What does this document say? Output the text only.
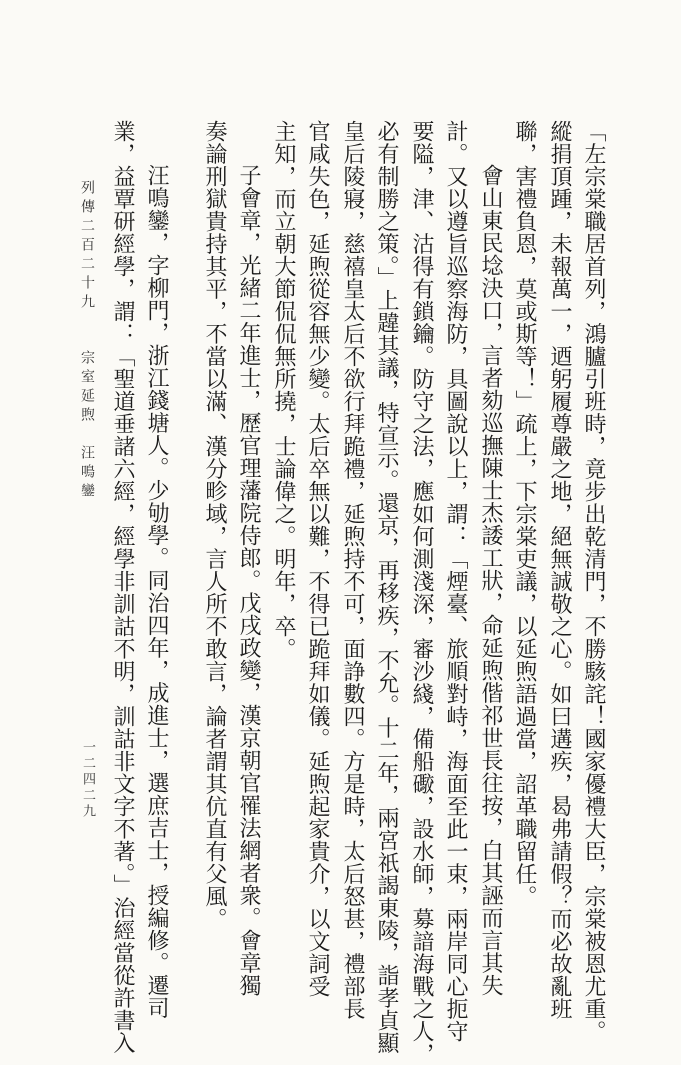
「左宗棠職居首列，鴻臚引班時，竟步出乾清門，不勝駭詫！國家優禮大臣，宗棠被恩尤重。
縱捐頂踵，未報萬一，迺躬履尊嚴之地，絕無誠敬之心。如曰遘疾，曷弗請假？而必故亂班
聯，害禮負恩，莫或斯等！」疏上，下宗棠吏議，以延煦語過當，詔革職留任。
會山東民埝決口，言者劾巡撫陳士杰諉工狀，命延煦偕祁世長往按，白其誣而言其失
計。又以遵旨巡察海防，具圖說以上，謂：「煙臺、旅順對峙，海面至此一束，兩岸同心扼守
要隘，津、沽得有鎖鑰。防守之法，應如何測淺深，審沙綫，備船礮，設水師，募諳海戰之人，
必有制勝之策。」上韙其議，特宣示。還京，再移疾，不允。十二年，兩宮祇謁東陵，詣孝貞顯
皇后陵寢，慈禧皇太后不欲行拜跪禮，延煦持不可，面諍數四。方是時，太后怒甚，禮部長
官咸失色，延煦從容無少變。太后卒無以難，不得已跪拜如儀。延煦起家貴介，以文詞受
主知，而立朝大節侃侃無所撓，士論偉之。明年，卒。
子會章，光緒二年進士，歷官理藩院侍郎。戊戌政變，漢京朝官罹法網者衆。會章獨
奏論刑獄貴持其平，不當以滿、漢分畛域，言人所不敢言，論者謂其伉直有父風。
汪鳴鑾，字柳門，浙江錢塘人。少劬學。同治四年，成進士，選庶吉士，授編修。遷司
業，益覃研經學，謂：「聖道垂諸六經，經學非訓詁不明，訓詁非文字不著。」治經當從許書入
列傳二百二十九
宗室延煦　汪鳴鑾
一二四二九
